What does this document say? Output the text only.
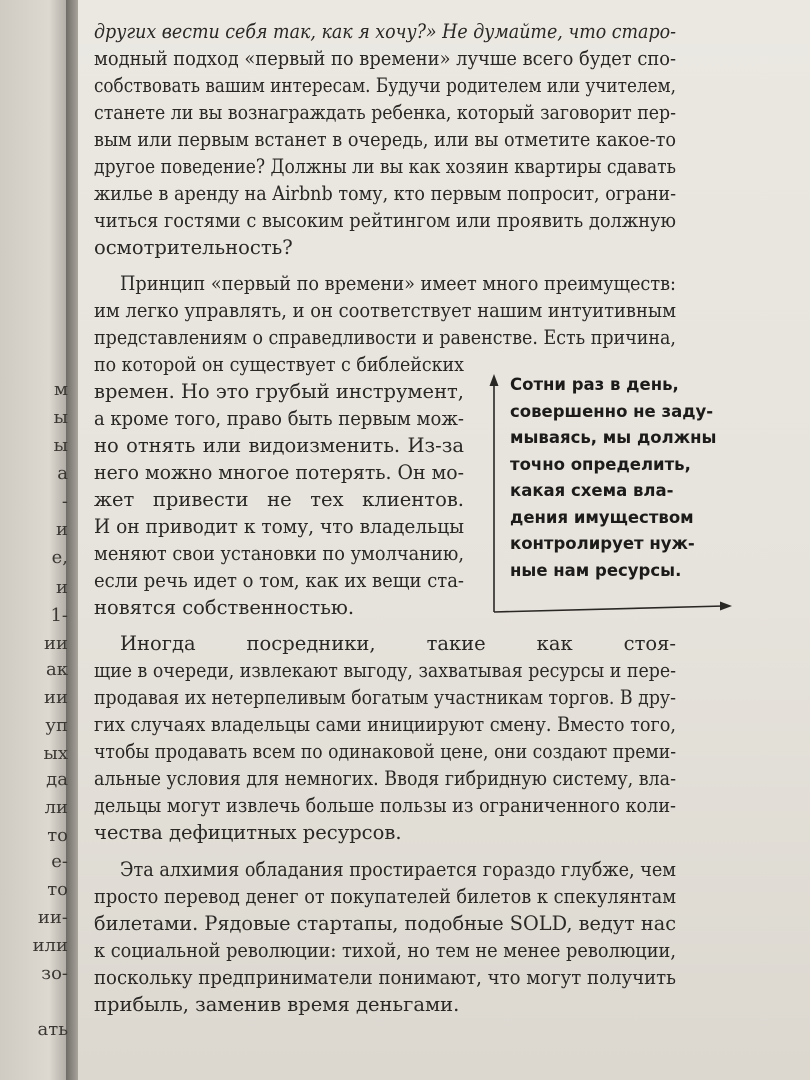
Сотни раз в день,
совершенно не заду-
мываясь, мы должны
точно определить,
какая схема вла-
дения имуществом
контролирует нуж-
ные нам ресурсы.
м
ы
ы
а
-
и
е,
и
1-
ии
ак
ии
уп
ых
да
ли
то
е-
то
ии-
или
зо-
ать
других вести себя так, как я хочу?» Не думайте, что старо-
модный подход «первый по времени» лучше всего будет спо-
собствовать вашим интересам. Будучи родителем или учителем,
станете ли вы вознаграждать ребенка, который заговорит пер-
вым или первым встанет в очередь, или вы отметите какое-то
другое поведение? Должны ли вы как хозяин квартиры сдавать
жилье в аренду на Airbnb тому, кто первым попросит, ограни-
читься гостями с высоким рейтингом или проявить должную
осмотрительность?
Принцип «первый по времени» имеет много преимуществ:
им легко управлять, и он соответствует нашим интуитивным
представлениям о справедливости и равенстве. Есть причина,
по которой он существует с библейских
времен. Но это грубый инструмент,
а кроме того, право быть первым мож-
но отнять или видоизменить. Из-за
него можно многое потерять. Он мо-
жет привести не тех клиентов.
И он приводит к тому, что владельцы
меняют свои установки по умолчанию,
если речь идет о том, как их вещи ста-
новятся собственностью.
Иногда посредники, такие как стоя-
щие в очереди, извлекают выгоду, захватывая ресурсы и пере-
продавая их нетерпеливым богатым участникам торгов. В дру-
гих случаях владельцы сами инициируют смену. Вместо того,
чтобы продавать всем по одинаковой цене, они создают преми-
альные условия для немногих. Вводя гибридную систему, вла-
дельцы могут извлечь больше пользы из ограниченного коли-
чества дефицитных ресурсов.
Эта алхимия обладания простирается гораздо глубже, чем
просто перевод денег от покупателей билетов к спекулянтам
билетами. Рядовые стартапы, подобные SOLD, ведут нас
к социальной революции: тихой, но тем не менее революции,
поскольку предприниматели понимают, что могут получить
прибыль, заменив время деньгами.
